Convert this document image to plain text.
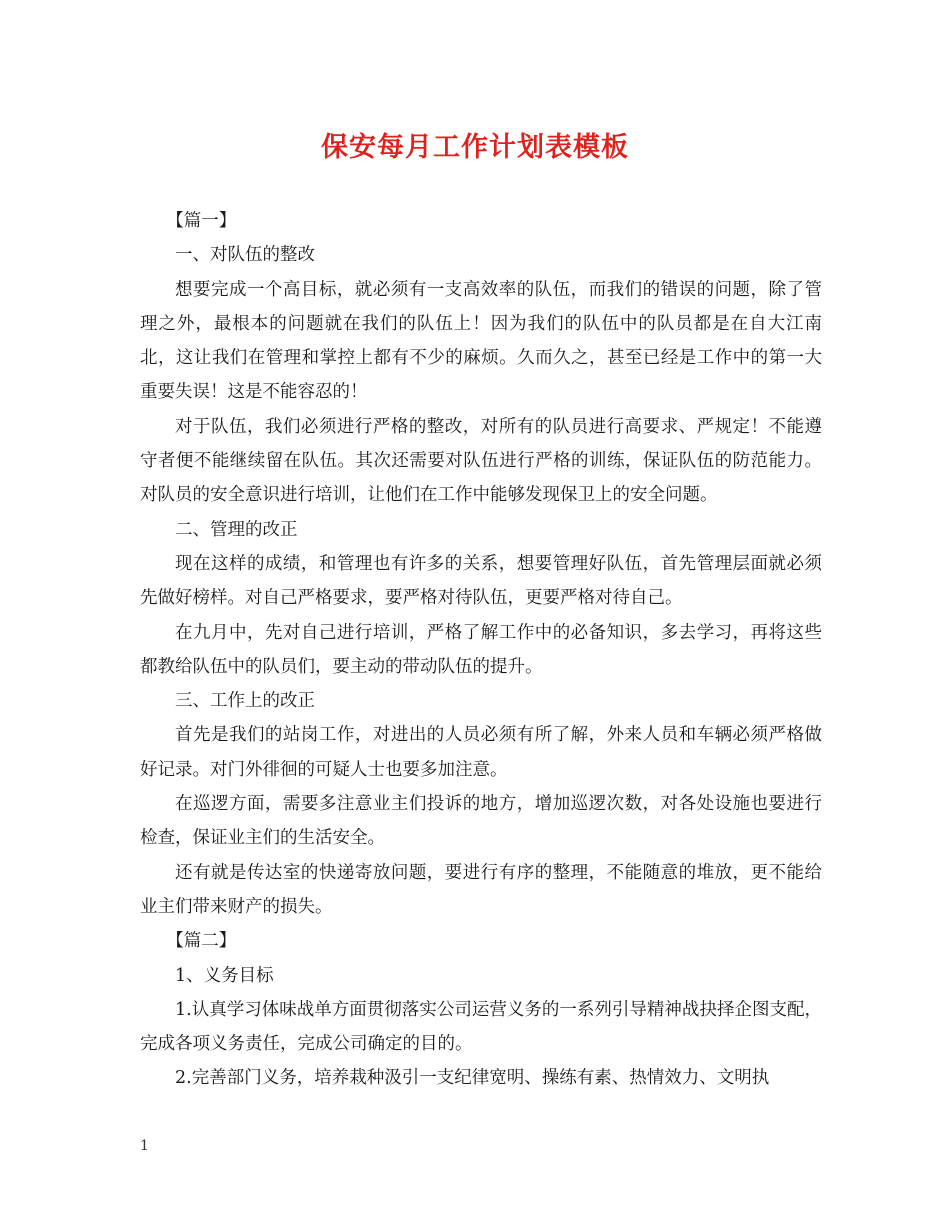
保安每月工作计划表模板

【篇一】

一、对队伍的整改

想要完成一个高目标，就必须有一支高效率的队伍，而我们的错误的问题，除了管理之外，最根本的问题就在我们的队伍上！因为我们的队伍中的队员都是在自大江南北，这让我们在管理和掌控上都有不少的麻烦。久而久之，甚至已经是工作中的第一大重要失误！这是不能容忍的！

对于队伍，我们必须进行严格的整改，对所有的队员进行高要求、严规定！不能遵守者便不能继续留在队伍。其次还需要对队伍进行严格的训练，保证队伍的防范能力。对队员的安全意识进行培训，让他们在工作中能够发现保卫上的安全问题。

二、管理的改正

现在这样的成绩，和管理也有许多的关系，想要管理好队伍，首先管理层面就必须先做好榜样。对自己严格要求，要严格对待队伍，更要严格对待自己。

在九月中，先对自己进行培训，严格了解工作中的必备知识，多去学习，再将这些都教给队伍中的队员们，要主动的带动队伍的提升。

三、工作上的改正

首先是我们的站岗工作，对进出的人员必须有所了解，外来人员和车辆必须严格做好记录。对门外徘徊的可疑人士也要多加注意。

在巡逻方面，需要多注意业主们投诉的地方，增加巡逻次数，对各处设施也要进行检查，保证业主们的生活安全。

还有就是传达室的快递寄放问题，要进行有序的整理，不能随意的堆放，更不能给业主们带来财产的损失。

【篇二】

1、义务目标

1.认真学习体味战单方面贯彻落实公司运营义务的一系列引导精神战抉择企图支配，完成各项义务责任，完成公司确定的目的。

2.完善部门义务，培养栽种汲引一支纪律宽明、操练有素、热情效力、文明执

1
